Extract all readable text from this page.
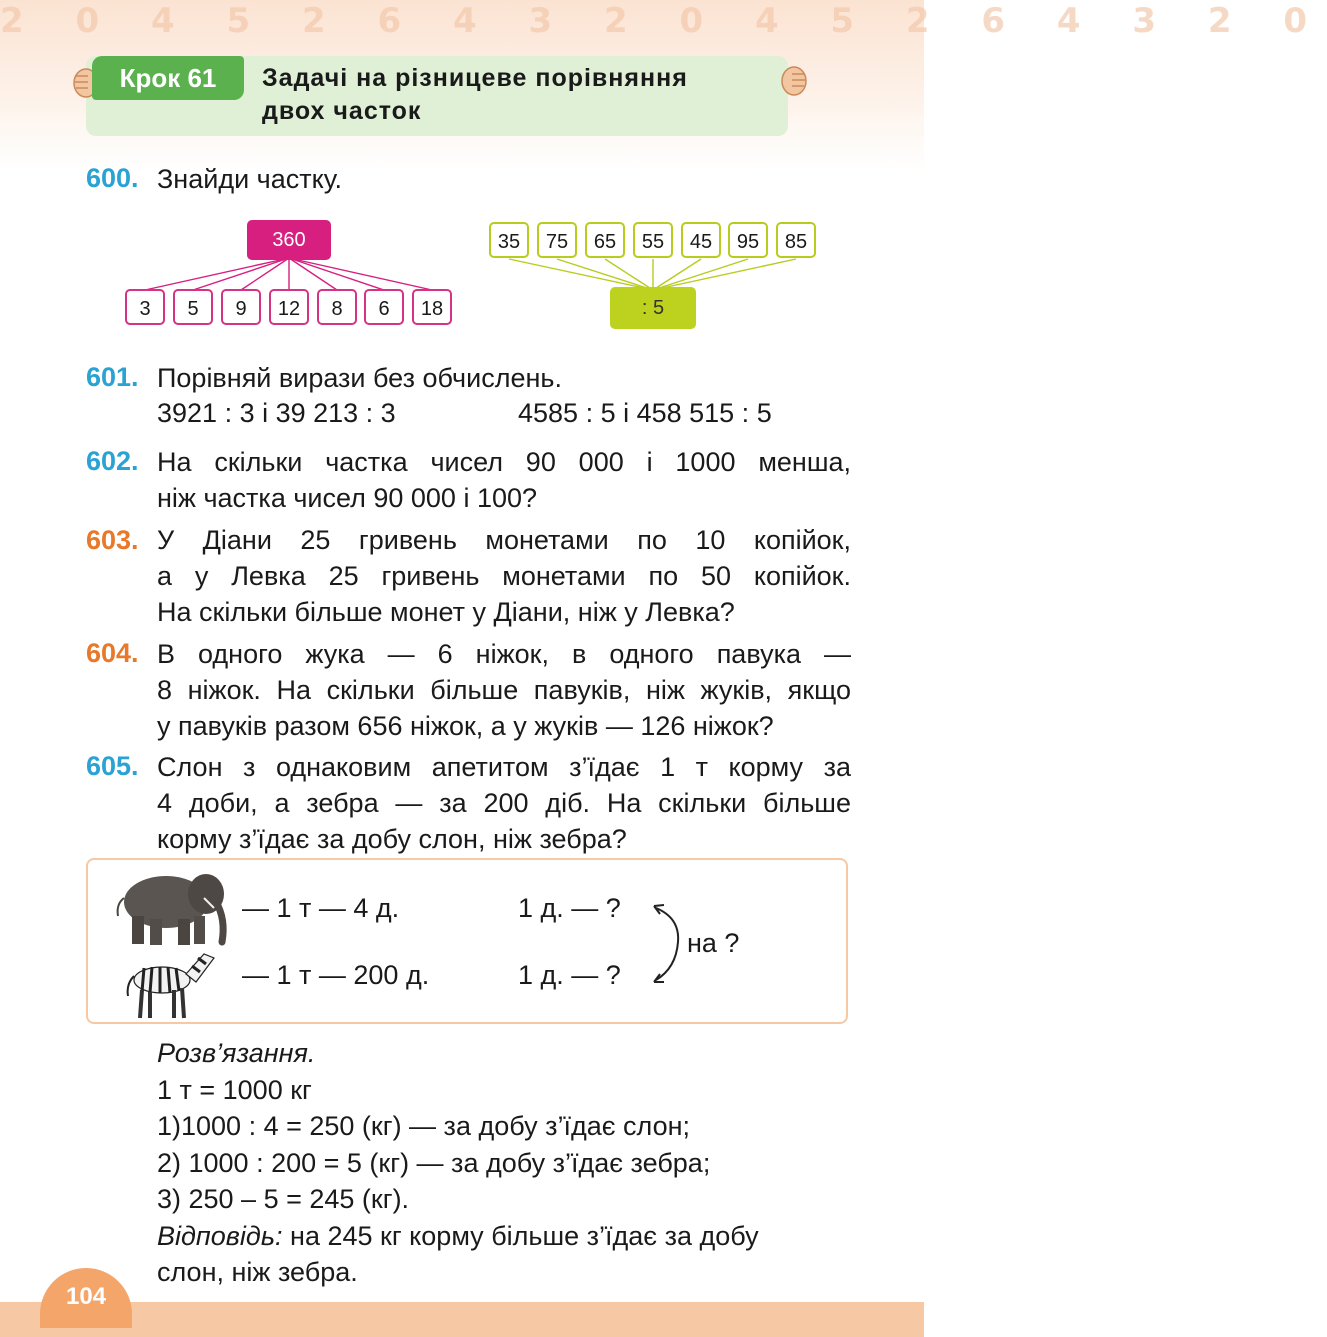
2 0 4 5 2 6 4 3 2 0 4 5 2 6 4 3 2 0
Крок 61	Задачі на різницеве порівняння
двох часток
600. Знайди частку.
360
3	5	9	12	8	6	18
35	75	65	55	45	95	85
: 5
601. Порівняй вирази без обчислень.
3921 : 3 і 39 213 : 3	4585 : 5 і 458 515 : 5
602. На скільки частка чисел 90 000 і 1000 менша,
ніж частка чисел 90 000 і 100?
603. У Діани 25 гривень монетами по 10 копійок,
а у Левка 25 гривень монетами по 50 копійок.
На скільки більше монет у Діани, ніж у Левка?
604. В одного жука — 6 ніжок, в одного павука —
8 ніжок. На скільки більше павуків, ніж жуків, якщо
у павуків разом 656 ніжок, а у жуків — 126 ніжок?
605. Слон з однаковим апетитом з’їдає 1 т корму за
4 доби, а зебра — за 200 діб. На скільки більше
корму з’їдає за добу слон, ніж зебра?
— 1 т — 4 д.
— 1 т — 200 д.
1 д. — ?
1 д. — ?
на ?
Розв’язання.
1 т = 1000 кг
1)1000 : 4 = 250 (кг) — за добу з’їдає слон;
2) 1000 : 200 = 5 (кг) — за добу з’їдає зебра;
3) 250 – 5 = 245 (кг).
Відповідь: на 245 кг корму більше з’їдає за добу
слон, ніж зебра.
104
